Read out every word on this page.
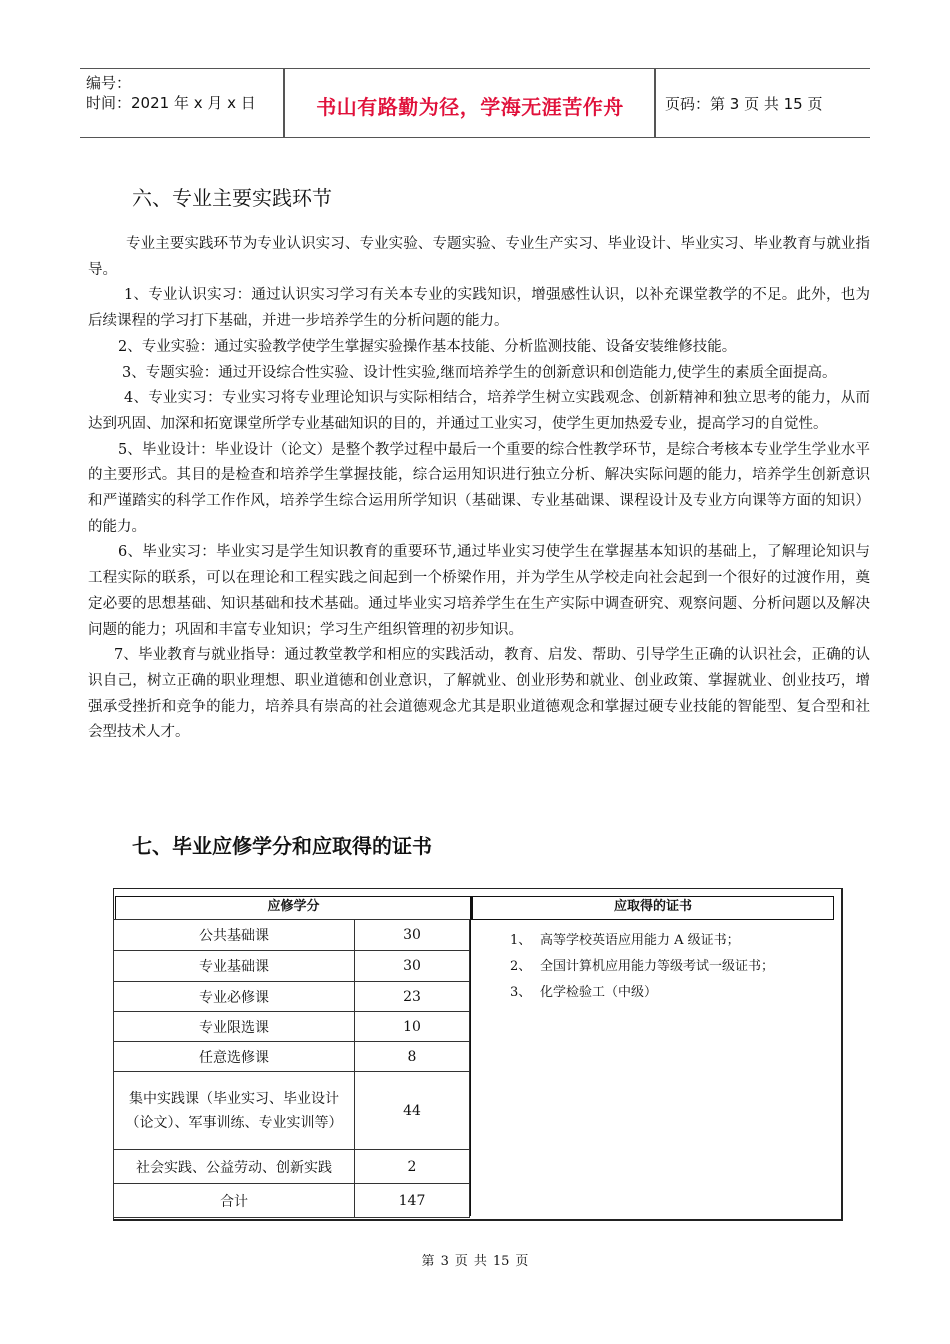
编号：
时间：2021 年 x 月 x 日	书山有路勤为径，学海无涯苦作舟	页码：第 3 页 共 15 页
六、专业主要实践环节

专业主要实践环节为专业认识实习、专业实验、专题实验、专业生产实习、毕业设计、毕业实习、毕业教育与就业指导。

1、专业认识实习：通过认识实习学习有关本专业的实践知识，增强感性认识，以补充课堂教学的不足。此外，也为后续课程的学习打下基础，并进一步培养学生的分析问题的能力。

2、专业实验：通过实验教学使学生掌握实验操作基本技能、分析监测技能、设备安装维修技能。

3、专题实验：通过开设综合性实验、设计性实验,继而培养学生的创新意识和创造能力,使学生的素质全面提高。

4、专业实习：专业实习将专业理论知识与实际相结合，培养学生树立实践观念、创新精神和独立思考的能力，从而达到巩固、加深和拓宽课堂所学专业基础知识的目的，并通过工业实习，使学生更加热爱专业，提高学习的自觉性。

5、毕业设计：毕业设计（论文）是整个教学过程中最后一个重要的综合性教学环节，是综合考核本专业学生学业水平的主要形式。其目的是检查和培养学生掌握技能，综合运用知识进行独立分析、解决实际问题的能力，培养学生创新意识和严谨踏实的科学工作作风，培养学生综合运用所学知识（基础课、专业基础课、课程设计及专业方向课等方面的知识）的能力。

6、毕业实习：毕业实习是学生知识教育的重要环节,通过毕业实习使学生在掌握基本知识的基础上，了解理论知识与工程实际的联系，可以在理论和工程实践之间起到一个桥梁作用，并为学生从学校走向社会起到一个很好的过渡作用，奠定必要的思想基础、知识基础和技术基础。通过毕业实习培养学生在生产实际中调查研究、观察问题、分析问题以及解决问题的能力；巩固和丰富专业知识；学习生产组织管理的初步知识。

7、毕业教育与就业指导：通过教堂教学和相应的实践活动，教育、启发、帮助、引导学生正确的认识社会，正确的认识自己，树立正确的职业理想、职业道德和创业意识，了解就业、创业形势和就业、创业政策、掌握就业、创业技巧，增强承受挫折和竞争的能力，培养具有崇高的社会道德观念尤其是职业道德观念和掌握过硬专业技能的智能型、复合型和社会型技术人才。

七、毕业应修学分和应取得的证书
应修学分	应取得的证书
公共基础课	30
专业基础课	30
专业必修课	23
专业限选课	10
任意选修课	8
集中实践课（毕业实习、毕业设计（论文）、军事训练、专业实训等）	44
社会实践、公益劳动、创新实践	2
合计	147
1、 高等学校英语应用能力 A 级证书；
2、 全国计算机应用能力等级考试一级证书；
3、 化学检验工（中级）
第 3 页 共 15 页
